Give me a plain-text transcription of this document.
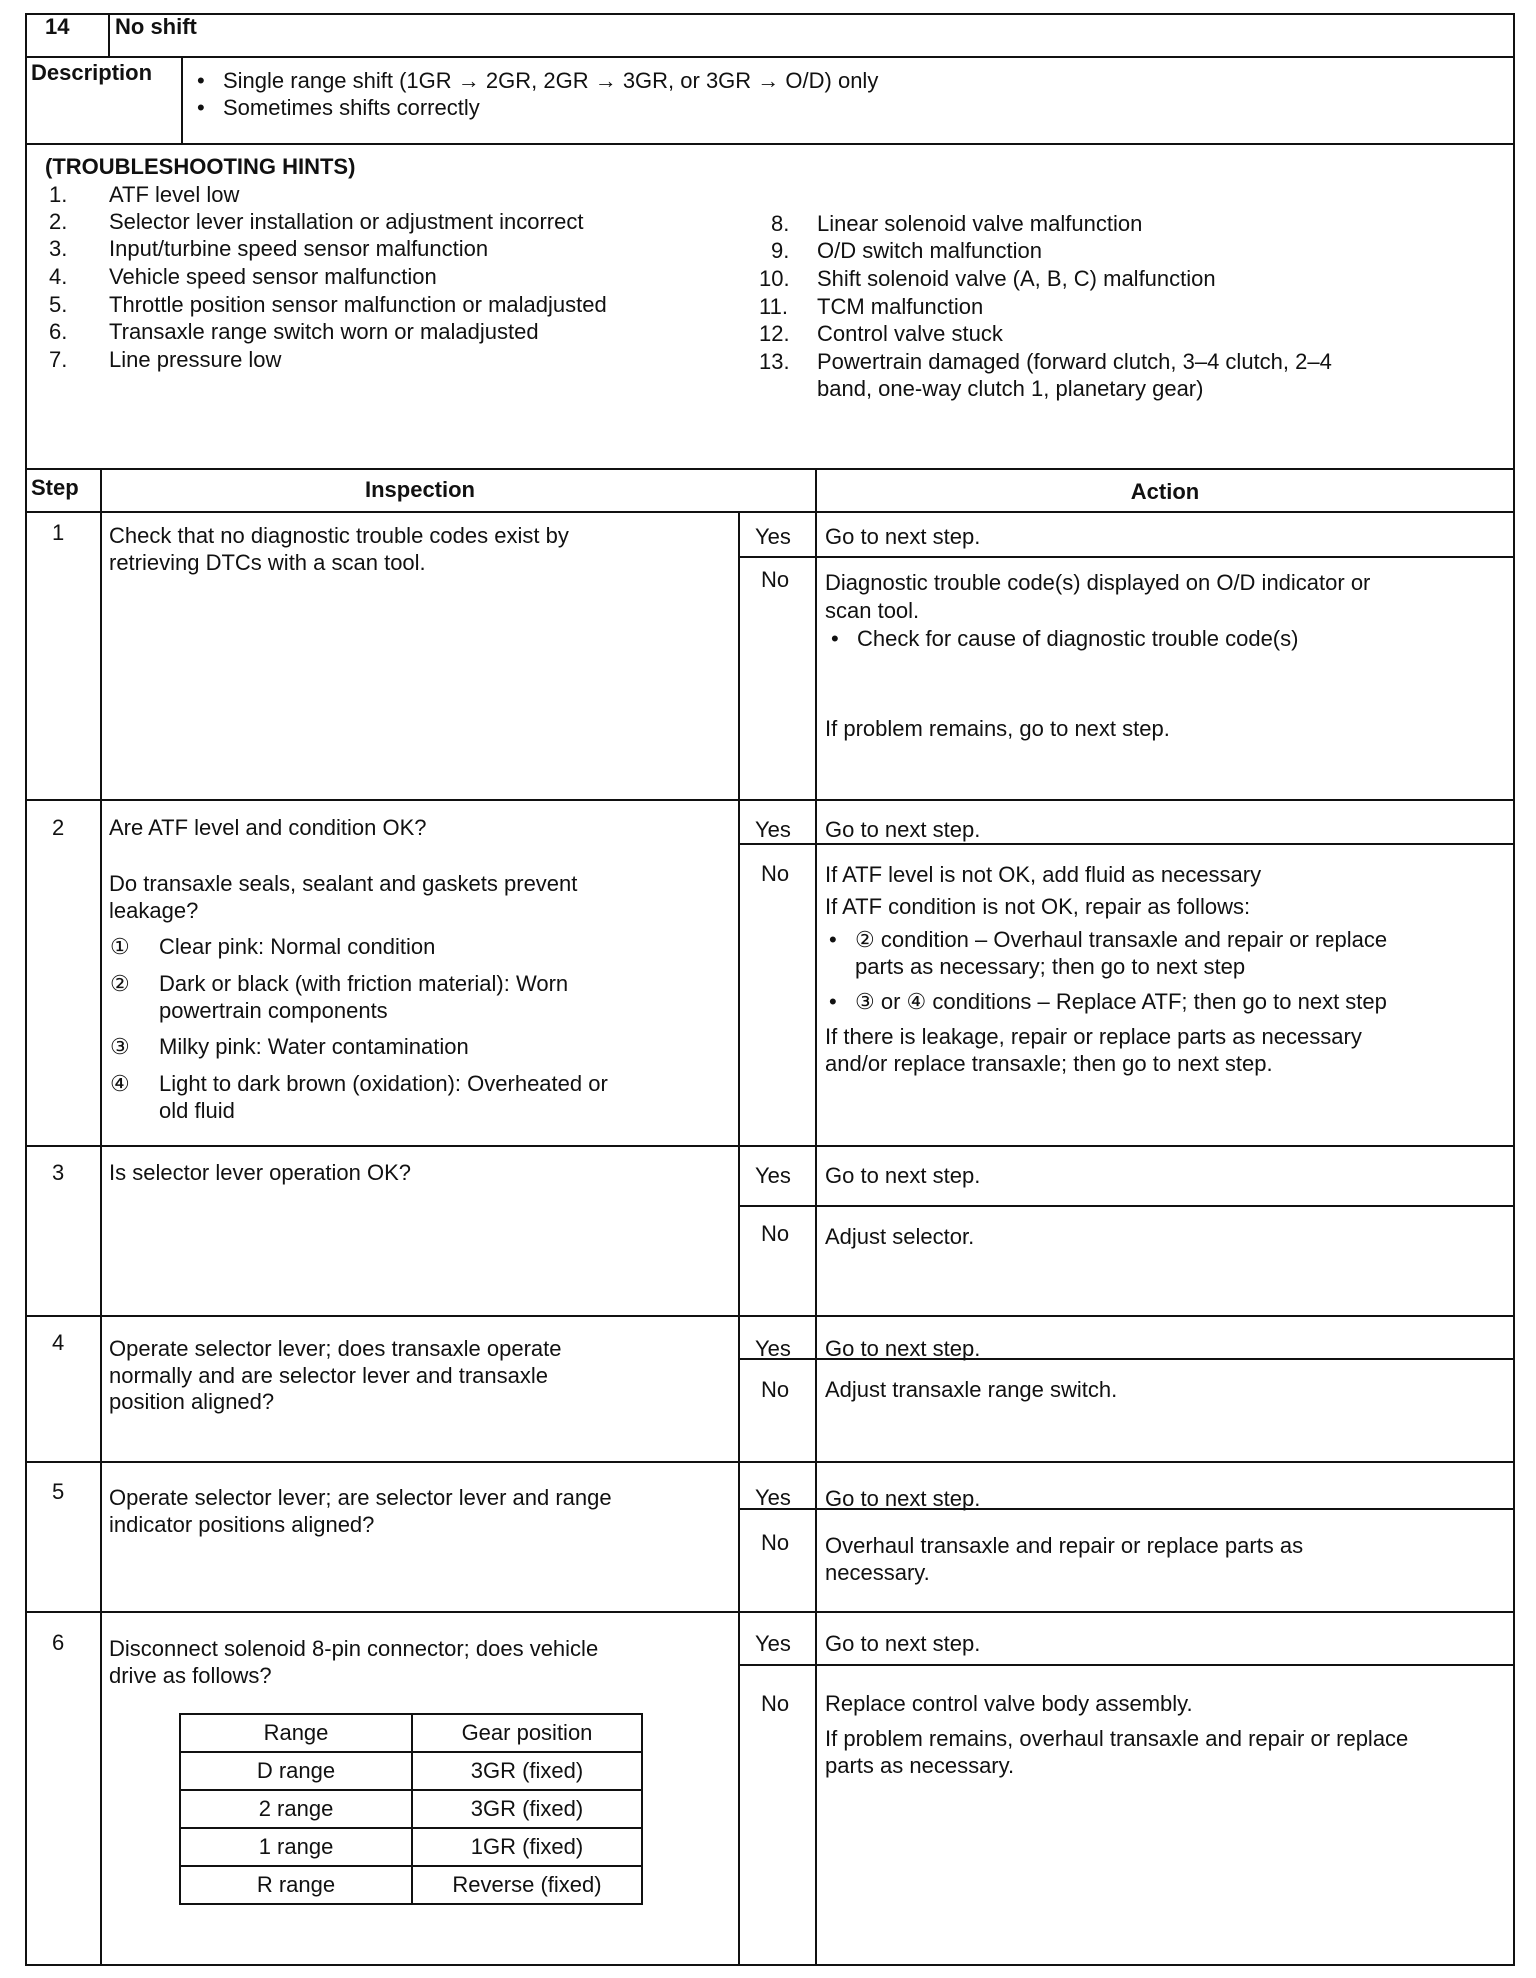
14 No shift
Description	• Single range shift (1GR → 2GR, 2GR → 3GR, or 3GR → O/D) only
• Sometimes shifts correctly
(TROUBLESHOOTING HINTS)
1. ATF level low
2. Selector lever installation or adjustment incorrect
3. Input/turbine speed sensor malfunction
4. Vehicle speed sensor malfunction
5. Throttle position sensor malfunction or maladjusted
6. Transaxle range switch worn or maladjusted
7. Line pressure low
8. Linear solenoid valve malfunction
9. O/D switch malfunction
10. Shift solenoid valve (A, B, C) malfunction
11. TCM malfunction
12. Control valve stuck
13. Powertrain damaged (forward clutch, 3–4 clutch, 2–4
band, one-way clutch 1, planetary gear)
Step	Inspection	Action
1 Check that no diagnostic trouble codes exist by
retrieving DTCs with a scan tool.
Yes Go to next step.
No Diagnostic trouble code(s) displayed on O/D indicator or
scan tool.
• Check for cause of diagnostic trouble code(s)
If problem remains, go to next step.
2 Are ATF level and condition OK?
Do transaxle seals, sealant and gaskets prevent
leakage?
① Clear pink: Normal condition
② Dark or black (with friction material): Worn
powertrain components
③ Milky pink: Water contamination
④ Light to dark brown (oxidation): Overheated or
old fluid
Yes Go to next step.
No If ATF level is not OK, add fluid as necessary
If ATF condition is not OK, repair as follows:
• ② condition – Overhaul transaxle and repair or replace
parts as necessary; then go to next step
• ③ or ④ conditions – Replace ATF; then go to next step
If there is leakage, repair or replace parts as necessary
and/or replace transaxle; then go to next step.
3 Is selector lever operation OK?	Yes Go to next step.
No Adjust selector.
4 Operate selector lever; does transaxle operate
normally and are selector lever and transaxle
position aligned?
Yes Go to next step.
No Adjust transaxle range switch.
5 Operate selector lever; are selector lever and range
indicator positions aligned?
Yes Go to next step.
No Overhaul transaxle and repair or replace parts as
necessary.
6 Disconnect solenoid 8-pin connector; does vehicle
drive as follows?
Range	Gear position
D range	3GR (fixed)
2 range	3GR (fixed)
1 range	1GR (fixed)
R range	Reverse (fixed)
Yes Go to next step.
No Replace control valve body assembly.
If problem remains, overhaul transaxle and repair or replace
parts as necessary.
